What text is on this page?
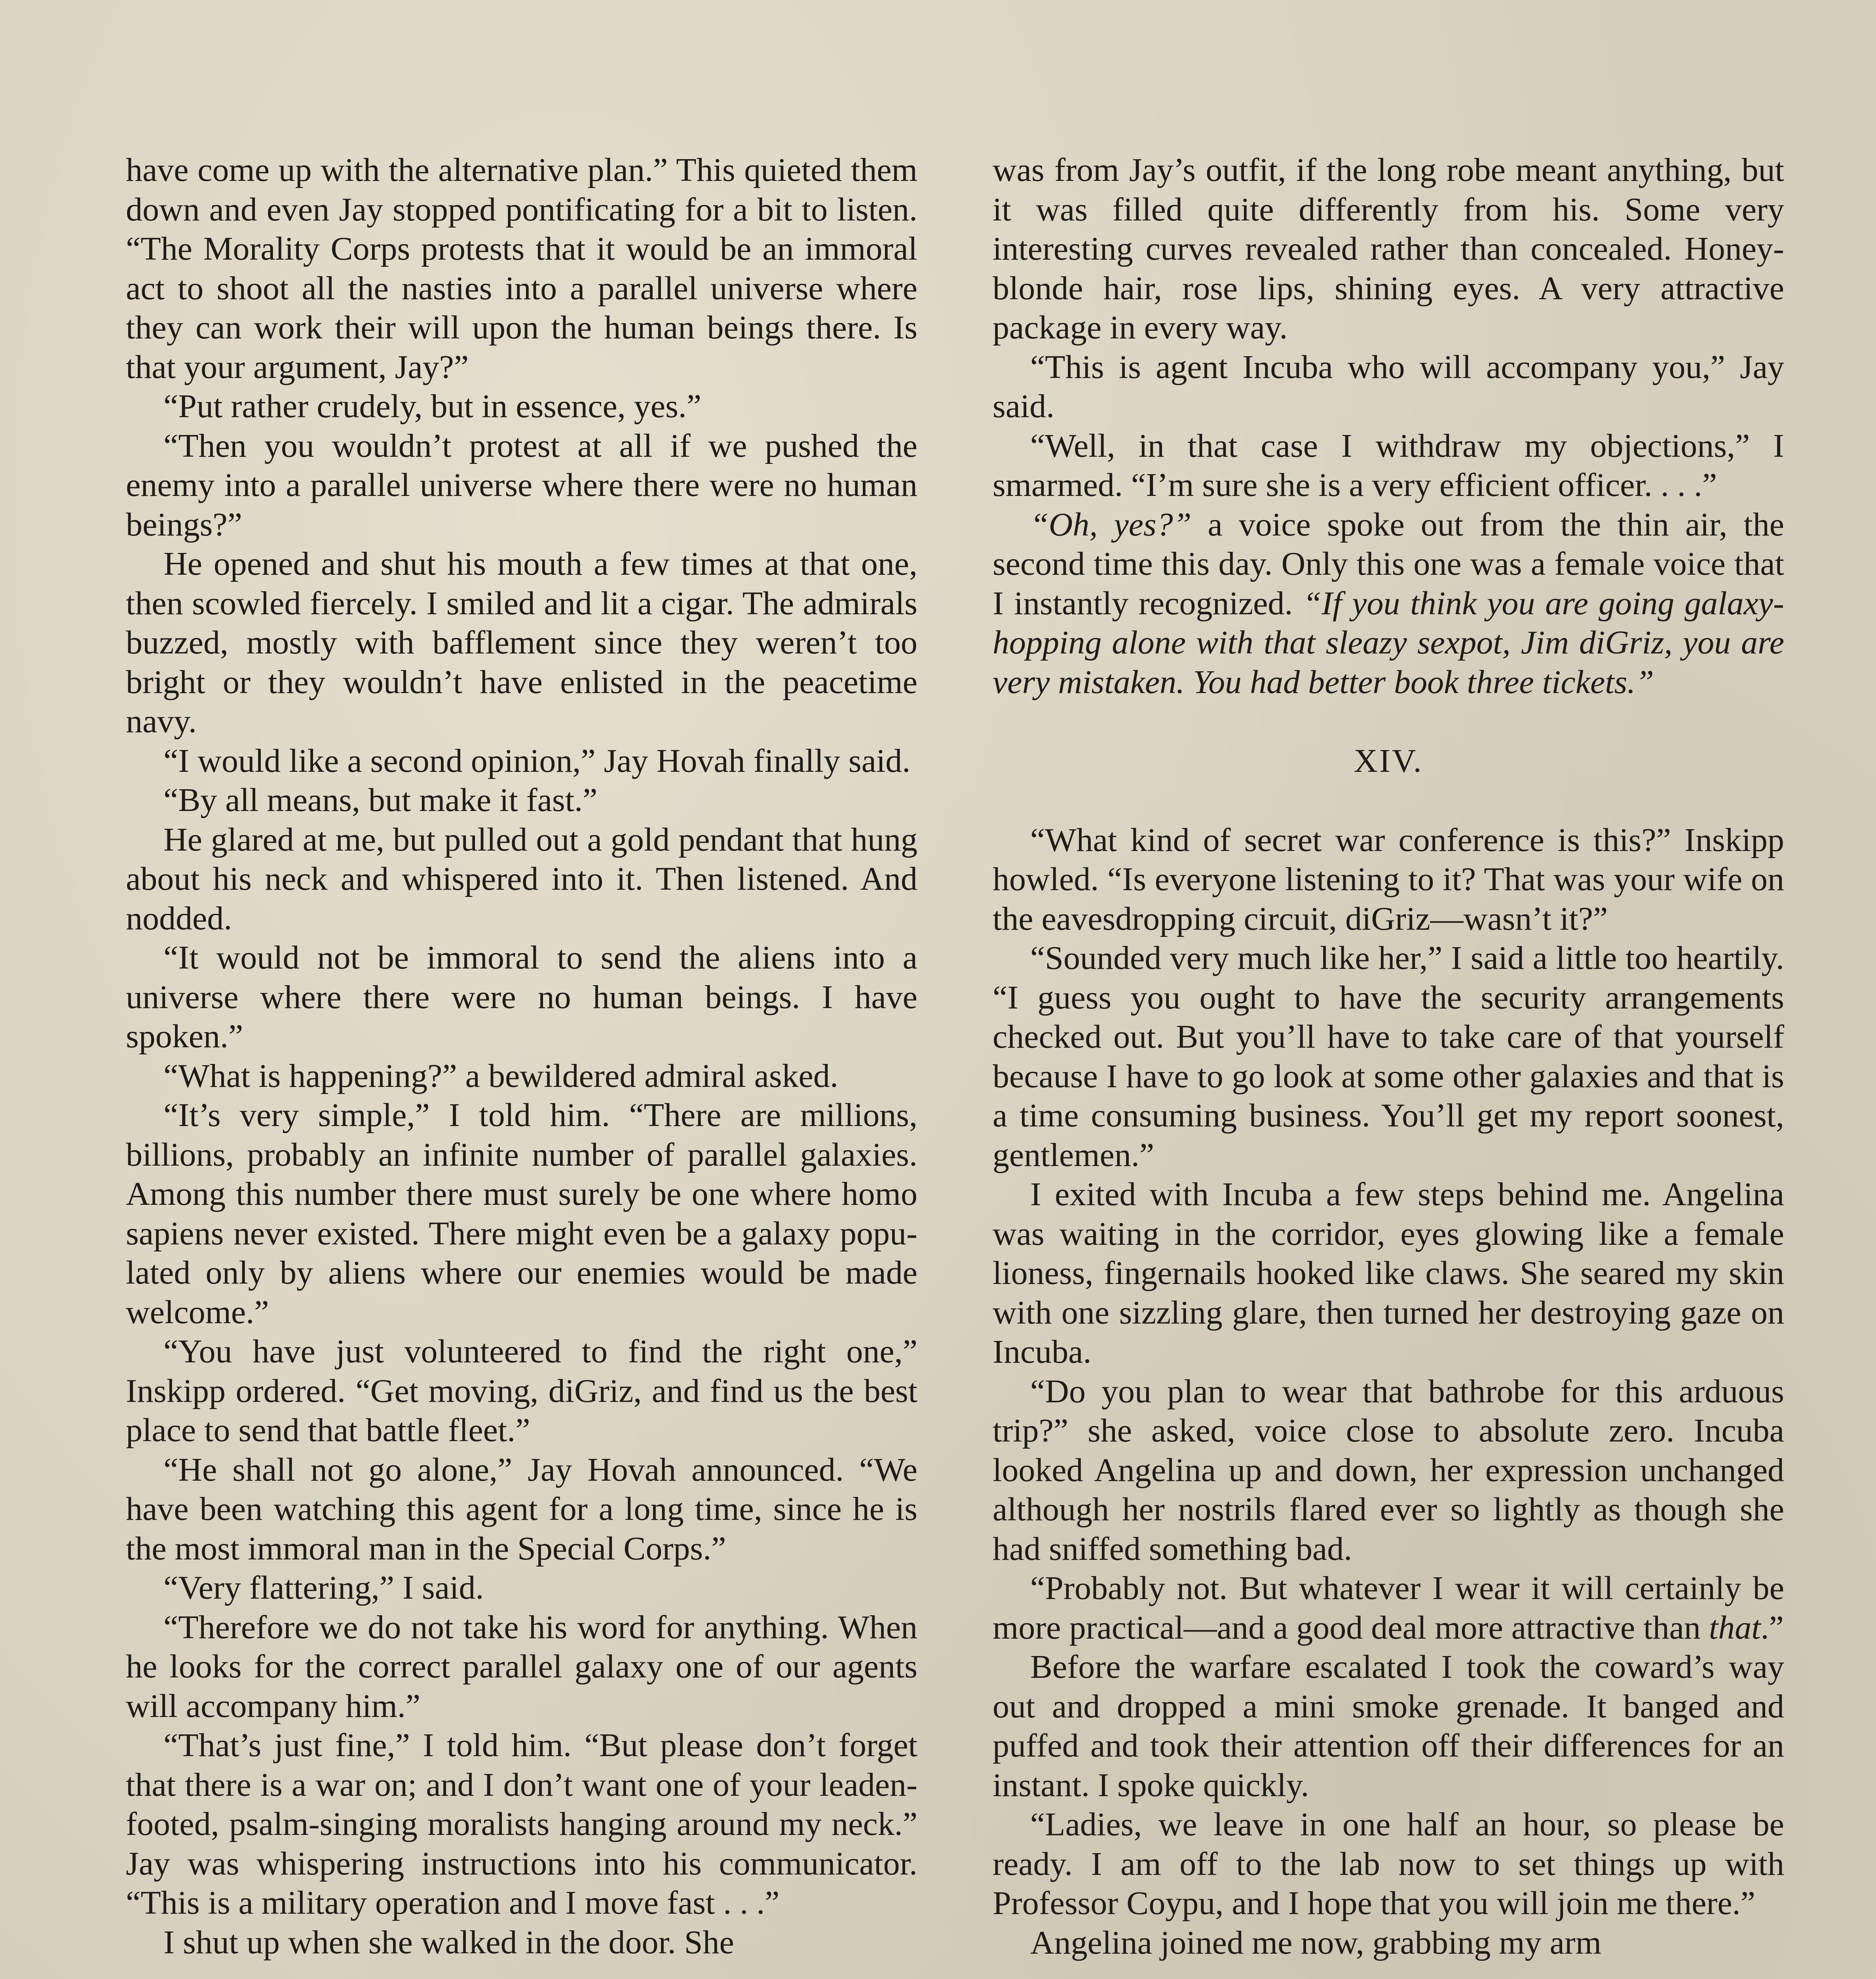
have come up with the alternative plan.” This quieted them down and even Jay stopped pontificating for a bit to listen. “The Morality Corps protests that it would be an immoral act to shoot all the nasties into a parallel universe where they can work their will upon the human beings there. Is that your argument, Jay?”

“Put rather crudely, but in essence, yes.”

“Then you wouldn’t protest at all if we pushed the enemy into a parallel universe where there were no human beings?”

He opened and shut his mouth a few times at that one, then scowled fiercely. I smiled and lit a cigar. The admirals buzzed, mostly with bafflement since they weren’t too bright or they wouldn’t have enlisted in the peacetime navy.

“I would like a second opinion,” Jay Hovah finally said.

“By all means, but make it fast.”

He glared at me, but pulled out a gold pendant that hung about his neck and whispered into it. Then listened. And nodded.

“It would not be immoral to send the aliens into a universe where there were no human beings. I have spoken.”

“What is happening?” a bewildered admiral asked.

“It’s very simple,” I told him. “There are millions, billions, probably an infinite number of parallel galaxies. Among this number there must surely be one where homo sapiens never existed. There might even be a galaxy populated only by aliens where our enemies would be made welcome.”

“You have just volunteered to find the right one,” Inskipp ordered. “Get moving, diGriz, and find us the best place to send that battle fleet.”

“He shall not go alone,” Jay Hovah announced. “We have been watching this agent for a long time, since he is the most immoral man in the Special Corps.”

“Very flattering,” I said.

“Therefore we do not take his word for anything. When he looks for the correct parallel galaxy one of our agents will accompany him.”

“That’s just fine,” I told him. “But please don’t forget that there is a war on; and I don’t want one of your leaden-footed, psalm-singing moralists hanging around my neck.” Jay was whispering instructions into his communicator. “This is a military operation and I move fast . . .”

I shut up when she walked in the door. She

was from Jay’s outfit, if the long robe meant anything, but it was filled quite differently from his. Some very interesting curves revealed rather than concealed. Honey-blonde hair, rose lips, shining eyes. A very attractive package in every way.

“This is agent Incuba who will accompany you,” Jay said.

“Well, in that case I withdraw my objections,” I smarmed. “I’m sure she is a very efficient officer. . . .”

“Oh, yes?” a voice spoke out from the thin air, the second time this day. Only this one was a female voice that I instantly recognized. “If you think you are going galaxy-hopping alone with that sleazy sexpot, Jim diGriz, you are very mistaken. You had better book three tickets.”

XIV.

“What kind of secret war conference is this?” Inskipp howled. “Is everyone listening to it? That was your wife on the eavesdropping circuit, diGriz—wasn’t it?”

“Sounded very much like her,” I said a little too heartily. “I guess you ought to have the security arrangements checked out. But you’ll have to take care of that yourself because I have to go look at some other galaxies and that is a time consuming business. You’ll get my report soonest, gentlemen.”

I exited with Incuba a few steps behind me. Angelina was waiting in the corridor, eyes glowing like a female lioness, fingernails hooked like claws. She seared my skin with one sizzling glare, then turned her destroying gaze on Incuba.

“Do you plan to wear that bathrobe for this arduous trip?” she asked, voice close to absolute zero. Incuba looked Angelina up and down, her expression unchanged although her nostrils flared ever so lightly as though she had sniffed something bad.

“Probably not. But whatever I wear it will certainly be more practical—and a good deal more attractive than that.”

Before the warfare escalated I took the coward’s way out and dropped a mini smoke grenade. It banged and puffed and took their attention off their differences for an instant. I spoke quickly.

“Ladies, we leave in one half an hour, so please be ready. I am off to the lab now to set things up with Professor Coypu, and I hope that you will join me there.”

Angelina joined me now, grabbing my arm
